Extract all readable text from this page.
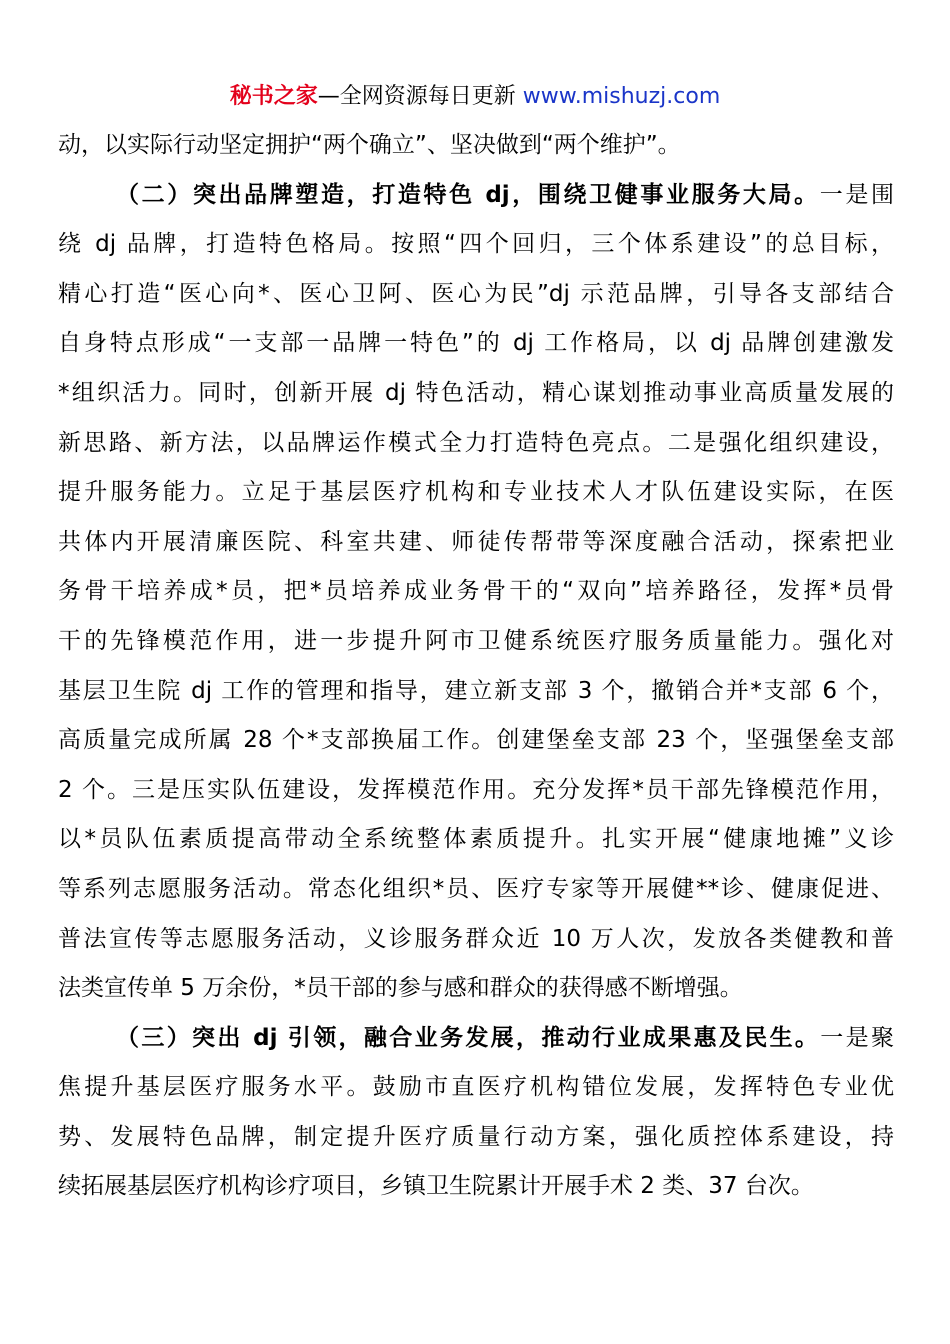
秘书之家—全网资源每日更新 www.mishuzj.com
动，以实际行动坚定拥护“两个确立”、坚决做到“两个维护”。
（二）突出品牌塑造，打造特色 dj，围绕卫健事业服务大局。一是围
绕 dj 品牌，打造特色格局。按照“四个回归，三个体系建设”的总目标，
精心打造“医心向*、医心卫阿、医心为民”dj 示范品牌，引导各支部结合
自身特点形成“一支部一品牌一特色”的 dj 工作格局，以 dj 品牌创建激发
*组织活力。同时，创新开展 dj 特色活动，精心谋划推动事业高质量发展的
新思路、新方法，以品牌运作模式全力打造特色亮点。二是强化组织建设，
提升服务能力。立足于基层医疗机构和专业技术人才队伍建设实际，在医
共体内开展清廉医院、科室共建、师徒传帮带等深度融合活动，探索把业
务骨干培养成*员，把*员培养成业务骨干的“双向”培养路径，发挥*员骨
干的先锋模范作用，进一步提升阿市卫健系统医疗服务质量能力。强化对
基层卫生院 dj 工作的管理和指导，建立新支部 3 个，撤销合并*支部 6 个，
高质量完成所属 28 个*支部换届工作。创建堡垒支部 23 个，坚强堡垒支部
2 个。三是压实队伍建设，发挥模范作用。充分发挥*员干部先锋模范作用，
以*员队伍素质提高带动全系统整体素质提升。扎实开展“健康地摊”义诊
等系列志愿服务活动。常态化组织*员、医疗专家等开展健**诊、健康促进、
普法宣传等志愿服务活动，义诊服务群众近 10 万人次，发放各类健教和普
法类宣传单 5 万余份，*员干部的参与感和群众的获得感不断增强。
（三）突出 dj 引领，融合业务发展，推动行业成果惠及民生。一是聚
焦提升基层医疗服务水平。鼓励市直医疗机构错位发展，发挥特色专业优
势、发展特色品牌，制定提升医疗质量行动方案，强化质控体系建设，持
续拓展基层医疗机构诊疗项目，乡镇卫生院累计开展手术 2 类、37 台次。
